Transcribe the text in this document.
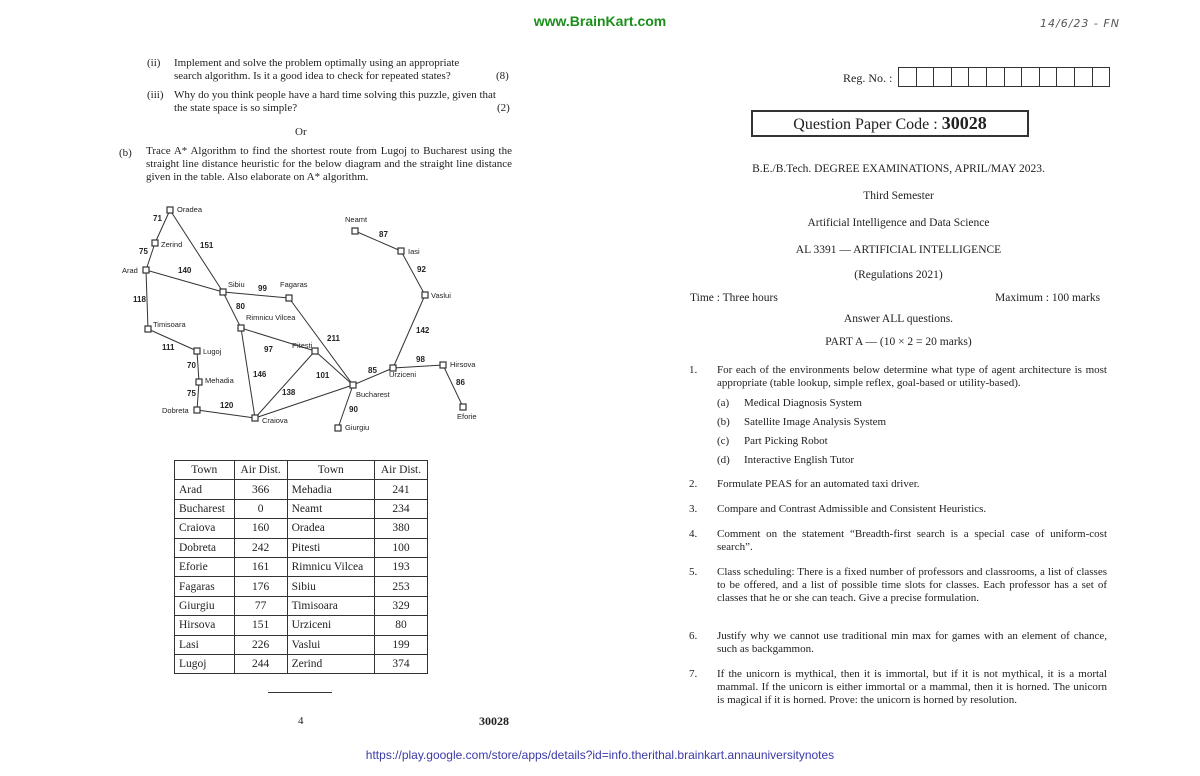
www.BrainKart.com	14/6/23 - FN
(ii) Implement and solve the problem optimally using an appropriate search algorithm. Is it a good idea to check for repeated states?	(8)
(iii) Why do you think people have a hard time solving this puzzle, given that the state space is so simple?	(2)
Or
(b) Trace A* Algorithm to find the shortest route from Lugoj to Bucharest using the straight line distance heuristic for the below diagram and the straight line distance given in the table. Also elaborate on A* algorithm.
Oradea
Zerind
Arad
Sibiu	Fagaras
Neamt
Iasi
Vaslui
Timisoara
Rimnicu Vilcea
Lugoj
Pitesti
Mehadia
Dobreta
Craiova
Bucharest
Urziceni
Hirsova
Eforie
Giurgiu
71
151
75
140
118
99
80
87
92
142
211
111	97
70
146
138
101
75
120
85
98
86
90
Town	Air Dist.	Town	Air Dist.
Arad	366	Mehadia	241
Bucharest	0	Neamt	234
Craiova	160	Oradea	380
Dobreta	242	Pitesti	100
Eforie	161	Rimnicu Vilcea	193
Fagaras	176	Sibiu	253
Giurgiu	77	Timisoara	329
Hirsova	151	Urziceni	80
Lasi	226	Vaslui	199
Lugoj	244	Zerind	374
4	30028
Reg. No. :
Question Paper Code : 30028
B.E./B.Tech. DEGREE EXAMINATIONS, APRIL/MAY 2023.
Third Semester
Artificial Intelligence and Data Science
AL 3391 — ARTIFICIAL INTELLIGENCE
(Regulations 2021)
Time : Three hours	Maximum : 100 marks
Answer ALL questions.
PART A — (10 × 2 = 20 marks)
1. For each of the environments below determine what type of agent architecture is most appropriate (table lookup, simple reflex, goal-based or utility-based).
(a) Medical Diagnosis System
(b) Satellite Image Analysis System
(c) Part Picking Robot
(d) Interactive English Tutor
2. Formulate PEAS for an automated taxi driver.
3. Compare and Contrast Admissible and Consistent Heuristics.
4. Comment on the statement “Breadth-first search is a special case of uniform-cost search”.
5. Class scheduling: There is a fixed number of professors and classrooms, a list of classes to be offered, and a list of possible time slots for classes. Each professor has a set of classes that he or she can teach. Give a precise formulation.
6. Justify why we cannot use traditional min max for games with an element of chance, such as backgammon.
7. If the unicorn is mythical, then it is immortal, but if it is not mythical, it is a mortal mammal. If the unicorn is either immortal or a mammal, then it is horned. The unicorn is magical if it is horned. Prove: the unicorn is horned by resolution.
https://play.google.com/store/apps/details?id=info.therithal.brainkart.annauniversitynotes
